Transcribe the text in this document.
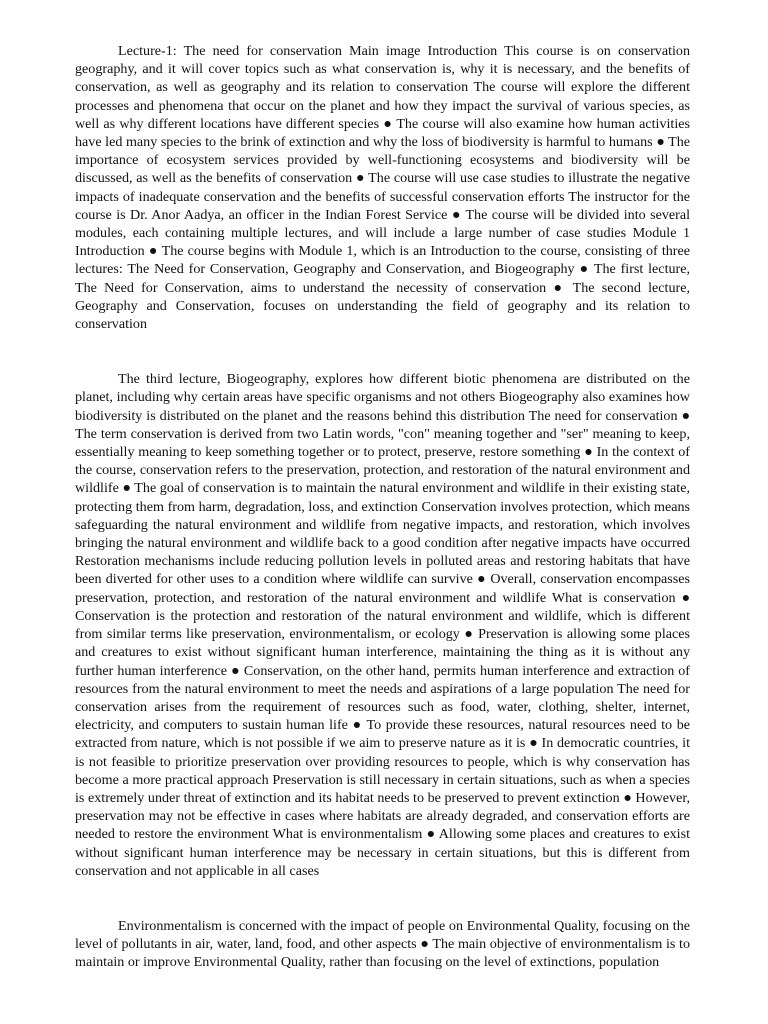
Lecture-1: The need for conservation Main image Introduction This course is on conservation geography, and it will cover topics such as what conservation is, why it is necessary, and the benefits of conservation, as well as geography and its relation to conservation The course will explore the different processes and phenomena that occur on the planet and how they impact the survival of various species, as well as why different locations have different species ● The course will also examine how human activities have led many species to the brink of extinction and why the loss of biodiversity is harmful to humans ● The importance of ecosystem services provided by well-functioning ecosystems and biodiversity will be discussed, as well as the benefits of conservation ● The course will use case studies to illustrate the negative impacts of inadequate conservation and the benefits of successful conservation efforts The instructor for the course is Dr. Anor Aadya, an officer in the Indian Forest Service ● The course will be divided into several modules, each containing multiple lectures, and will include a large number of case studies Module 1 Introduction ● The course begins with Module 1, which is an Introduction to the course, consisting of three lectures: The Need for Conservation, Geography and Conservation, and Biogeography ● The first lecture, The Need for Conservation, aims to understand the necessity of conservation ● The second lecture, Geography and Conservation, focuses on understanding the field of geography and its relation to conservation

The third lecture, Biogeography, explores how different biotic phenomena are distributed on the planet, including why certain areas have specific organisms and not others Biogeography also examines how biodiversity is distributed on the planet and the reasons behind this distribution The need for conservation ● The term conservation is derived from two Latin words, "con" meaning together and "ser" meaning to keep, essentially meaning to keep something together or to protect, preserve, restore something ● In the context of the course, conservation refers to the preservation, protection, and restoration of the natural environment and wildlife ● The goal of conservation is to maintain the natural environment and wildlife in their existing state, protecting them from harm, degradation, loss, and extinction Conservation involves protection, which means safeguarding the natural environment and wildlife from negative impacts, and restoration, which involves bringing the natural environment and wildlife back to a good condition after negative impacts have occurred Restoration mechanisms include reducing pollution levels in polluted areas and restoring habitats that have been diverted for other uses to a condition where wildlife can survive ● Overall, conservation encompasses preservation, protection, and restoration of the natural environment and wildlife What is conservation ● Conservation is the protection and restoration of the natural environment and wildlife, which is different from similar terms like preservation, environmentalism, or ecology ● Preservation is allowing some places and creatures to exist without significant human interference, maintaining the thing as it is without any further human interference ● Conservation, on the other hand, permits human interference and extraction of resources from the natural environment to meet the needs and aspirations of a large population The need for conservation arises from the requirement of resources such as food, water, clothing, shelter, internet, electricity, and computers to sustain human life ● To provide these resources, natural resources need to be extracted from nature, which is not possible if we aim to preserve nature as it is ● In democratic countries, it is not feasible to prioritize preservation over providing resources to people, which is why conservation has become a more practical approach Preservation is still necessary in certain situations, such as when a species is extremely under threat of extinction and its habitat needs to be preserved to prevent extinction ● However, preservation may not be effective in cases where habitats are already degraded, and conservation efforts are needed to restore the environment What is environmentalism ● Allowing some places and creatures to exist without significant human interference may be necessary in certain situations, but this is different from conservation and not applicable in all cases

Environmentalism is concerned with the impact of people on Environmental Quality, focusing on the level of pollutants in air, water, land, food, and other aspects ● The main objective of environmentalism is to maintain or improve Environmental Quality, rather than focusing on the level of extinctions, population
